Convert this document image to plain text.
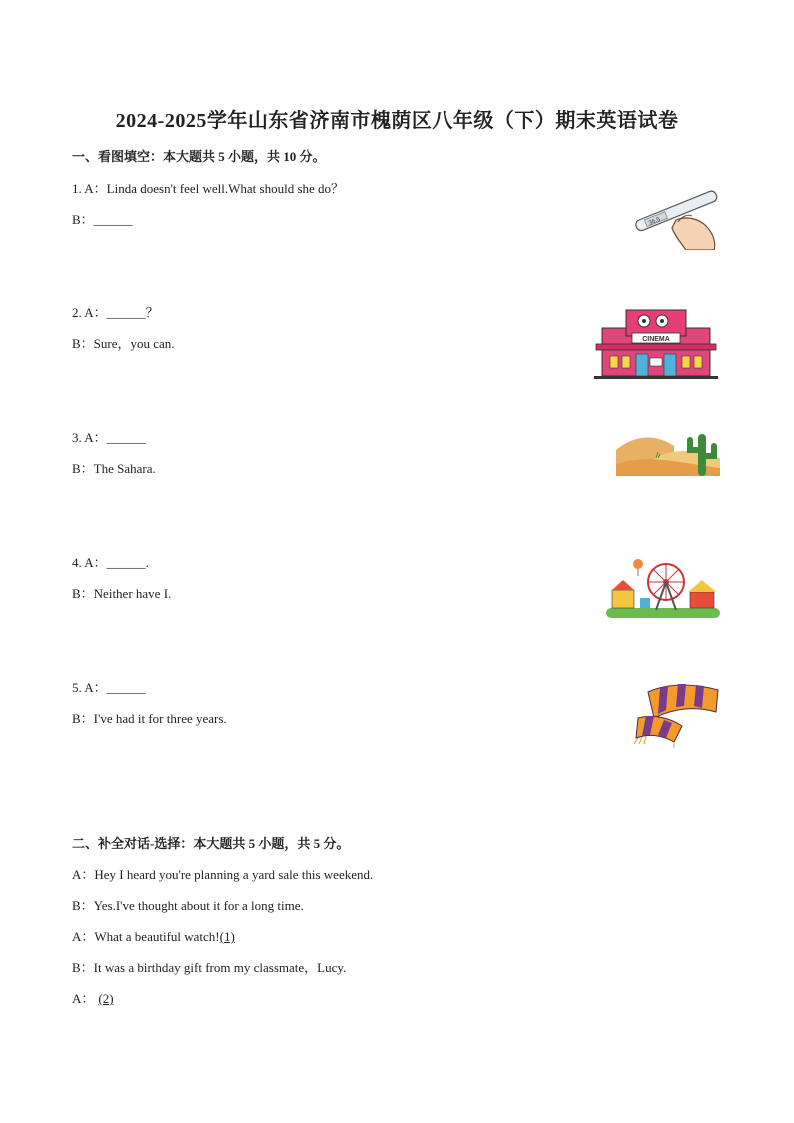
2024-2025学年山东省济南市槐荫区八年级（下）期末英语试卷
一、看图填空：本大题共 5 小题，共 10 分。
1. A：Linda doesn't feel well.What should she do？
B：______	36.5
2. A：______？
B：Sure，you can.	CINEMA
3. A：______
B：The Sahara.
4. A：______.
B：Neither have I.
5. A：______
B：I've had it for three years.
二、补全对话-选择：本大题共 5 小题，共 5 分。
A：Hey I heard you're planning a yard sale this weekend.
B：Yes.I've thought about it for a long time.
A：What a beautiful watch!(1)
B：It was a birthday gift from my classmate，Lucy.
A： (2)
